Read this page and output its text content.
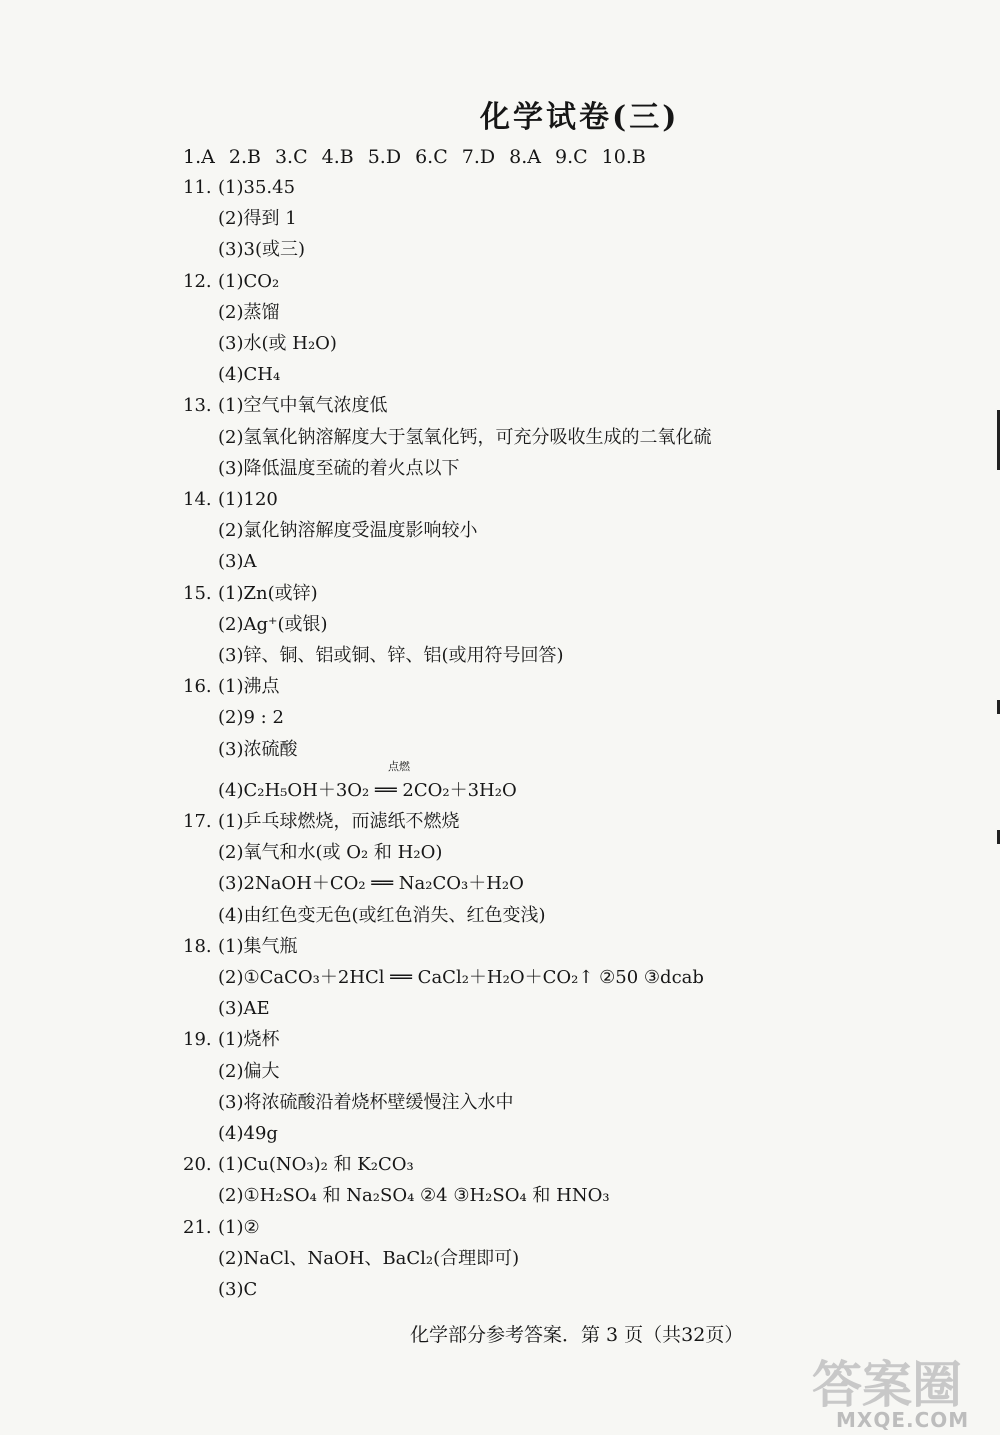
化学试卷(三)
1.A 2.B 3.C 4.B 5.D 6.C 7.D 8.A 9.C 10.B
11. (1)35.45
(2)得到 1
(3)3(或三)
12. (1)CO₂
(2)蒸馏
(3)水(或 H₂O)
(4)CH₄
13. (1)空气中氧气浓度低
(2)氢氧化钠溶解度大于氢氧化钙，可充分吸收生成的二氧化硫
(3)降低温度至硫的着火点以下
14. (1)120
(2)氯化钠溶解度受温度影响较小
(3)A
15. (1)Zn(或锌)
(2)Ag⁺(或银)
(3)锌、铜、铝或铜、锌、铝(或用符号回答)
16. (1)沸点
(2)9 : 2
(3)浓硫酸
(4)C₂H₅OH＋3O₂ ══ 2CO₂＋3H₂O
点燃
17. (1)乒乓球燃烧，而滤纸不燃烧
(2)氧气和水(或 O₂ 和 H₂O)
(3)2NaOH＋CO₂ ══ Na₂CO₃＋H₂O
(4)由红色变无色(或红色消失、红色变浅)
18. (1)集气瓶
(2)①CaCO₃＋2HCl ══ CaCl₂＋H₂O＋CO₂↑ ②50 ③dcab
(3)AE
19. (1)烧杯
(2)偏大
(3)将浓硫酸沿着烧杯壁缓慢注入水中
(4)49g
20. (1)Cu(NO₃)₂ 和 K₂CO₃
(2)①H₂SO₄ 和 Na₂SO₄ ②4 ③H₂SO₄ 和 HNO₃
21. (1)②
(2)NaCl、NaOH、BaCl₂(合理即可)
(3)C
化学部分参考答案．第 3 页（共32页）
答案圈
MXQE.COM
